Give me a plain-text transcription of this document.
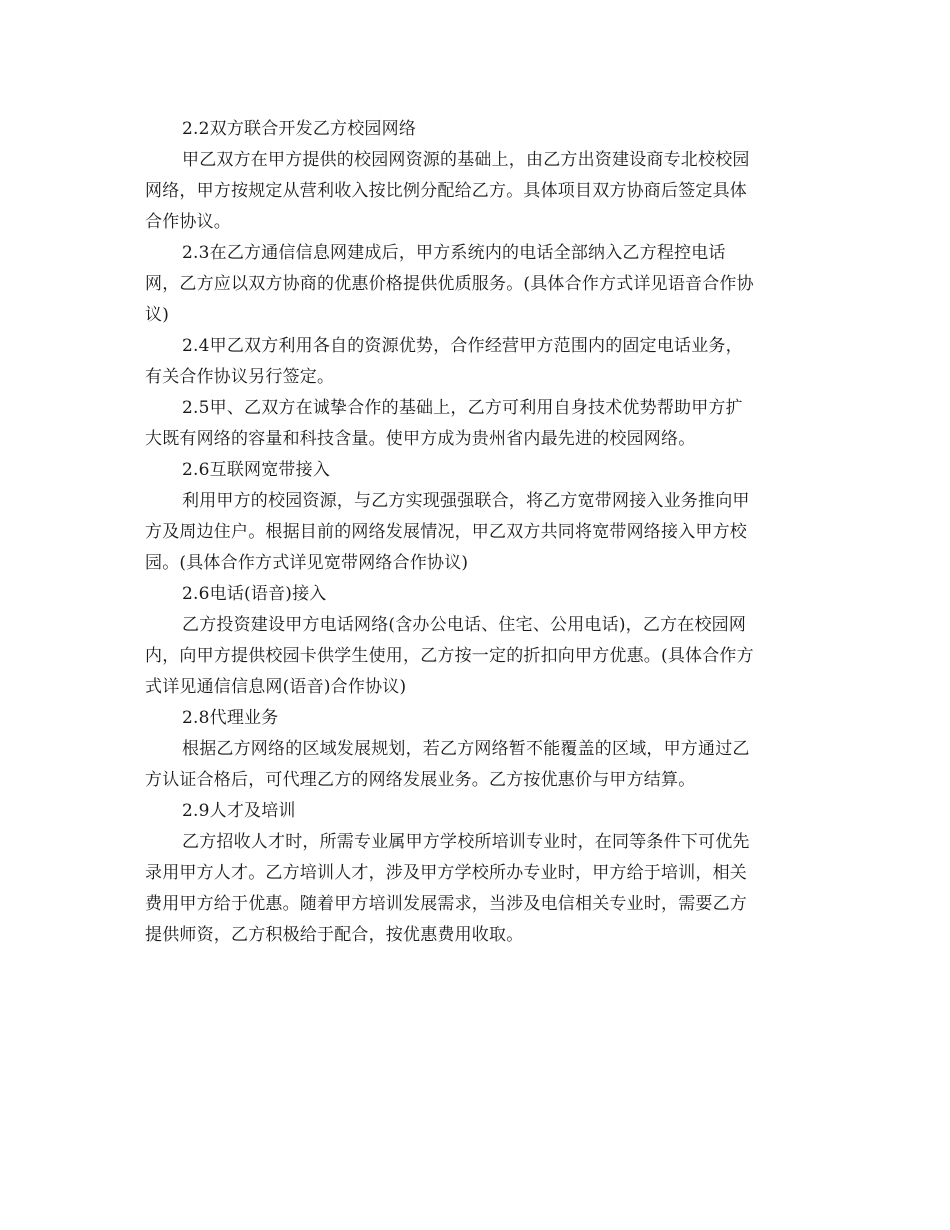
2.2双方联合开发乙方校园网络
甲乙双方在甲方提供的校园网资源的基础上，由乙方出资建设商专北校校园
网络，甲方按规定从营利收入按比例分配给乙方。具体项目双方协商后签定具体
合作协议。
2.3在乙方通信信息网建成后，甲方系统内的电话全部纳入乙方程控电话
网，乙方应以双方协商的优惠价格提供优质服务。(具体合作方式详见语音合作协
议)
2.4甲乙双方利用各自的资源优势，合作经营甲方范围内的固定电话业务，
有关合作协议另行签定。
2.5甲、乙双方在诚挚合作的基础上，乙方可利用自身技术优势帮助甲方扩
大既有网络的容量和科技含量。使甲方成为贵州省内最先进的校园网络。
2.6互联网宽带接入
利用甲方的校园资源，与乙方实现强强联合，将乙方宽带网接入业务推向甲
方及周边住户。根据目前的网络发展情况，甲乙双方共同将宽带网络接入甲方校
园。(具体合作方式详见宽带网络合作协议)
2.6电话(语音)接入
乙方投资建设甲方电话网络(含办公电话、住宅、公用电话)，乙方在校园网
内，向甲方提供校园卡供学生使用，乙方按一定的折扣向甲方优惠。(具体合作方
式详见通信信息网(语音)合作协议)
2.8代理业务
根据乙方网络的区域发展规划，若乙方网络暂不能覆盖的区域，甲方通过乙
方认证合格后，可代理乙方的网络发展业务。乙方按优惠价与甲方结算。
2.9人才及培训
乙方招收人才时，所需专业属甲方学校所培训专业时，在同等条件下可优先
录用甲方人才。乙方培训人才，涉及甲方学校所办专业时，甲方给于培训，相关
费用甲方给于优惠。随着甲方培训发展需求，当涉及电信相关专业时，需要乙方
提供师资，乙方积极给于配合，按优惠费用收取。
